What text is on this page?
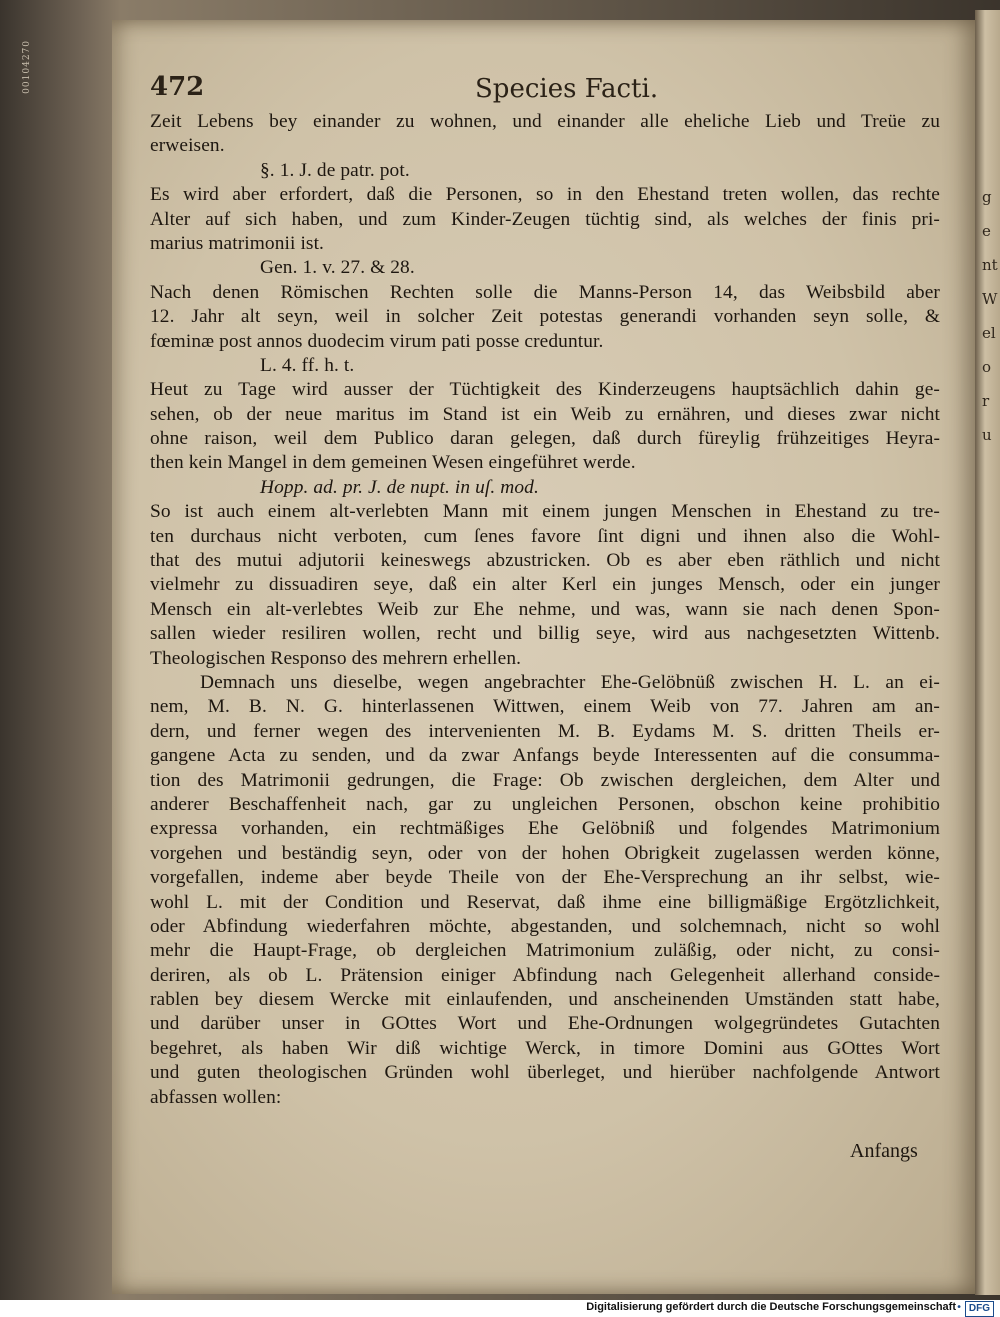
00104270
gentWeloru
472	Species Facti.
Zeit Lebens bey einander zu wohnen, und einander alle eheliche Lieb und Treüe zu
erweisen.
§. 1. J. de patr. pot.
Es wird aber erfordert, daß die Personen, so in den Ehestand treten wollen, das rechte
Alter auf sich haben, und zum Kinder-Zeugen tüchtig sind, als welches der finis pri-
marius matrimonii ist.
Gen. 1. v. 27. & 28.
Nach denen Römischen Rechten solle die Manns-Person 14, das Weibsbild aber
12. Jahr alt seyn, weil in solcher Zeit potestas generandi vorhanden seyn solle, &
fœminæ post annos duodecim virum pati posse creduntur.
L. 4. ff. h. t.
Heut zu Tage wird ausser der Tüchtigkeit des Kinderzeugens hauptsächlich dahin ge-
sehen, ob der neue maritus im Stand ist ein Weib zu ernähren, und dieses zwar nicht
ohne raison, weil dem Publico daran gelegen, daß durch füreylig frühzeitiges Heyra-
then kein Mangel in dem gemeinen Wesen eingeführet werde.
Hopp. ad. pr. J. de nupt. in uſ. mod.
So ist auch einem alt-verlebten Mann mit einem jungen Menschen in Ehestand zu tre-
ten durchaus nicht verboten, cum ſenes favore ſint digni und ihnen also die Wohl-
that des mutui adjutorii keineswegs abzustricken. Ob es aber eben räthlich und nicht
vielmehr zu dissuadiren seye, daß ein alter Kerl ein junges Mensch, oder ein junger
Mensch ein alt-verlebtes Weib zur Ehe nehme, und was, wann sie nach denen Spon-
sallen wieder resiliren wollen, recht und billig seye, wird aus nachgesetzten Wittenb.
Theologischen Responso des mehrern erhellen.
Demnach uns dieselbe, wegen angebrachter Ehe-Gelöbnüß zwischen H. L. an ei-
nem, M. B. N. G. hinterlassenen Wittwen, einem Weib von 77. Jahren am an-
dern, und ferner wegen des intervenienten M. B. Eydams M. S. dritten Theils er-
gangene Acta zu senden, und da zwar Anfangs beyde Interessenten auf die consumma-
tion des Matrimonii gedrungen, die Frage: Ob zwischen dergleichen, dem Alter und
anderer Beschaffenheit nach, gar zu ungleichen Personen, obschon keine prohibitio
expressa vorhanden, ein rechtmäßiges Ehe Gelöbniß und folgendes Matrimonium
vorgehen und beständig seyn, oder von der hohen Obrigkeit zugelassen werden könne,
vorgefallen, indeme aber beyde Theile von der Ehe-Versprechung an ihr selbst, wie-
wohl L. mit der Condition und Reservat, daß ihme eine billigmäßige Ergötzlichkeit,
oder Abfindung wiederfahren möchte, abgestanden, und solchemnach, nicht so wohl
mehr die Haupt-Frage, ob dergleichen Matrimonium zuläßig, oder nicht, zu consi-
deriren, als ob L. Prätension einiger Abfindung nach Gelegenheit allerhand conside-
rablen bey diesem Wercke mit einlaufenden, und anscheinenden Umständen statt habe,
und darüber unser in GOttes Wort und Ehe-Ordnungen wolgegründetes Gutachten
begehret, als haben Wir diß wichtige Werck, in timore Domini aus GOttes Wort
und guten theologischen Gründen wohl überleget, und hierüber nachfolgende Antwort
abfassen wollen:
Anfangs
Digitalisierung gefördert durch die Deutsche Forschungsgemeinschaft • DFG
